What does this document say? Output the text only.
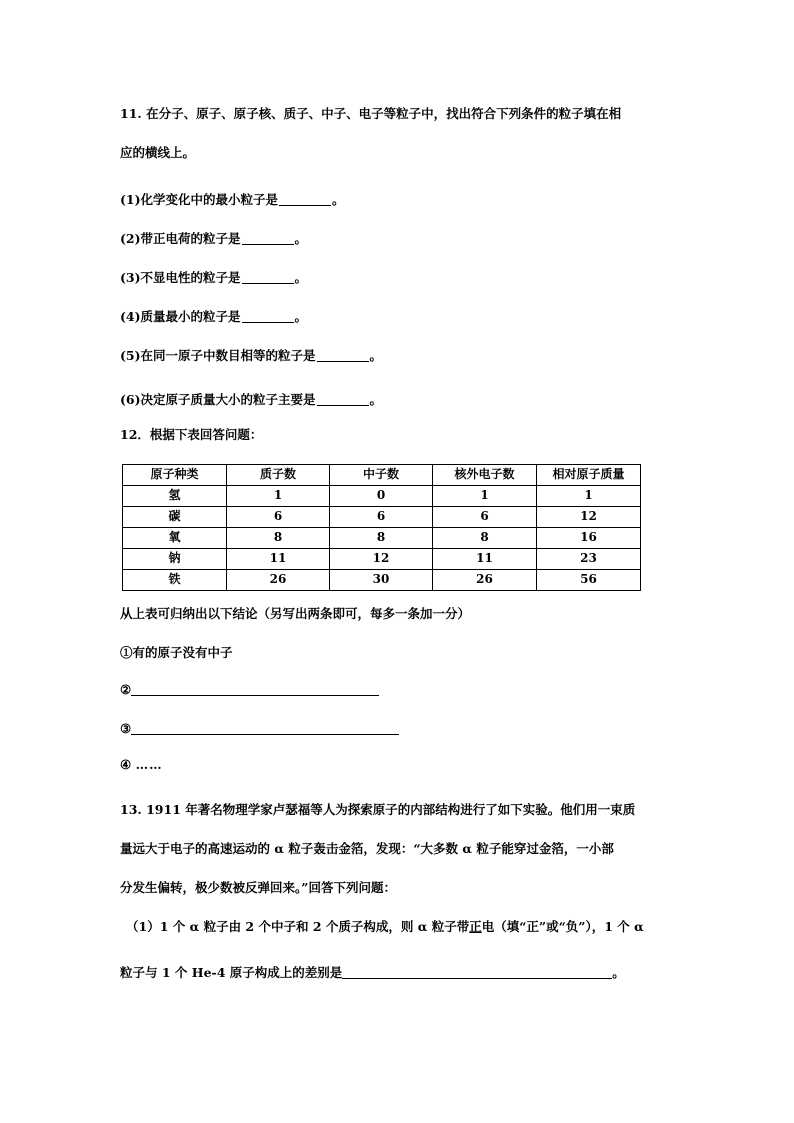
11. 在分子、原子、原子核、质子、中子、电子等粒子中，找出符合下列条件的粒子填在相
应的横线上。
(1)化学变化中的最小粒子是	。
(2)带正电荷的粒子是	。
(3)不显电性的粒子是	。
(4)质量最小的粒子是	。
(5)在同一原子中数目相等的粒子是	。
(6)决定原子质量大小的粒子主要是	。
12．根据下表回答问题：
原子种类	质子数	中子数	核外电子数	相对原子质量
氢	1	0	1	1
碳	6	6	6	12
氧	8	8	8	16
钠	11	12	11	23
铁	26	30	26	56
从上表可归纳出以下结论（另写出两条即可，每多一条加一分）
①有的原子没有中子
②
③
④ ……
13. 1911 年著名物理学家卢瑟福等人为探索原子的内部结构进行了如下实验。他们用一束质
量远大于电子的高速运动的 α 粒子轰击金箔，发现：“大多数 α 粒子能穿过金箔，一小部
分发生偏转，极少数被反弹回来。”回答下列问题：
（1）1 个 α 粒子由 2 个中子和 2 个质子构成，则 α 粒子带正电（填“正”或“负”），1 个 α
粒子与 1 个 He-4 原子构成上的差别是	。
